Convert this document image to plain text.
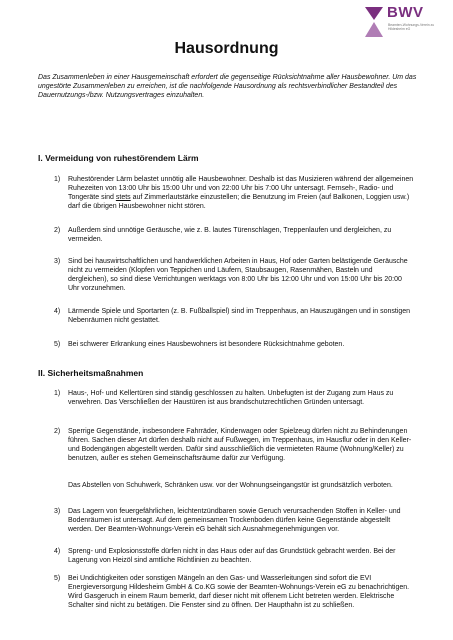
BWV
Beamten-Wohnungs-Verein zu Hildesheim eG
Hausordnung

Das Zusammenleben in einer Hausgemeinschaft erfordert die gegenseitige Rücksichtnahme aller Hausbewohner. Um das ungestörte Zusammenleben zu erreichen, ist die nachfolgende Hausordnung als rechtsverbindlicher Bestandteil des Dauernutzungs-/bzw. Nutzungsvertrages einzuhalten.

I. Vermeidung von ruhestörendem Lärm

1) Ruhestörender Lärm belastet unnötig alle Hausbewohner. Deshalb ist das Musizieren während der allgemeinen Ruhezeiten von 13:00 Uhr bis 15:00 Uhr und von 22:00 Uhr bis 7:00 Uhr untersagt. Fernseh-, Radio- und Tongeräte sind stets auf Zimmerlautstärke einzustellen; die Benutzung im Freien (auf Balkonen, Loggien usw.) darf die übrigen Hausbewohner nicht stören.
2) Außerdem sind unnötige Geräusche, wie z. B. lautes Türenschlagen, Treppenlaufen und dergleichen, zu vermeiden.
3) Sind bei hauswirtschaftlichen und handwerklichen Arbeiten in Haus, Hof oder Garten belästigende Geräusche nicht zu vermeiden (Klopfen von Teppichen und Läufern, Staubsaugen, Rasenmähen, Basteln und dergleichen), so sind diese Verrichtungen werktags von 8:00 Uhr bis 12:00 Uhr und von 15:00 Uhr bis 20:00 Uhr vorzunehmen.
4) Lärmende Spiele und Sportarten (z. B. Fußballspiel) sind im Treppenhaus, an Hauszugängen und in sonstigen Nebenräumen nicht gestattet.
5) Bei schwerer Erkrankung eines Hausbewohners ist besondere Rücksichtnahme geboten.

II. Sicherheitsmaßnahmen

1) Haus-, Hof- und Kellertüren sind ständig geschlossen zu halten. Unbefugten ist der Zugang zum Haus zu verwehren. Das Verschließen der Haustüren ist aus brandschutzrechtlichen Gründen untersagt.
2) Sperrige Gegenstände, insbesondere Fahrräder, Kinderwagen oder Spielzeug dürfen nicht zu Behinderungen führen. Sachen dieser Art dürfen deshalb nicht auf Fußwegen, im Treppenhaus, im Hausflur oder in den Keller- und Bodengängen abgestellt werden. Dafür sind ausschließlich die vermieteten Räume (Wohnung/Keller) zu benutzen, außer es stehen Gemeinschaftsräume dafür zur Verfügung.
Das Abstellen von Schuhwerk, Schränken usw. vor der Wohnungseingangstür ist grundsätzlich verboten.
3) Das Lagern von feuergefährlichen, leichtentzündbaren sowie Geruch verursachenden Stoffen in Keller- und Bodenräumen ist untersagt. Auf dem gemeinsamen Trockenboden dürfen keine Gegenstände abgestellt werden. Der Beamten-Wohnungs-Verein eG behält sich Ausnahmegenehmigungen vor.
4) Spreng- und Explosionsstoffe dürfen nicht in das Haus oder auf das Grundstück gebracht werden. Bei der Lagerung von Heizöl sind amtliche Richtlinien zu beachten.
5) Bei Undichtigkeiten oder sonstigen Mängeln an den Gas- und Wasserleitungen sind sofort die EVI Energieversorgung Hildesheim GmbH & Co.KG sowie der Beamten-Wohnungs-Verein eG zu benachrichtigen. Wird Gasgeruch in einem Raum bemerkt, darf dieser nicht mit offenem Licht betreten werden. Elektrische Schalter sind nicht zu betätigen. Die Fenster sind zu öffnen. Der Haupthahn ist zu schließen.
